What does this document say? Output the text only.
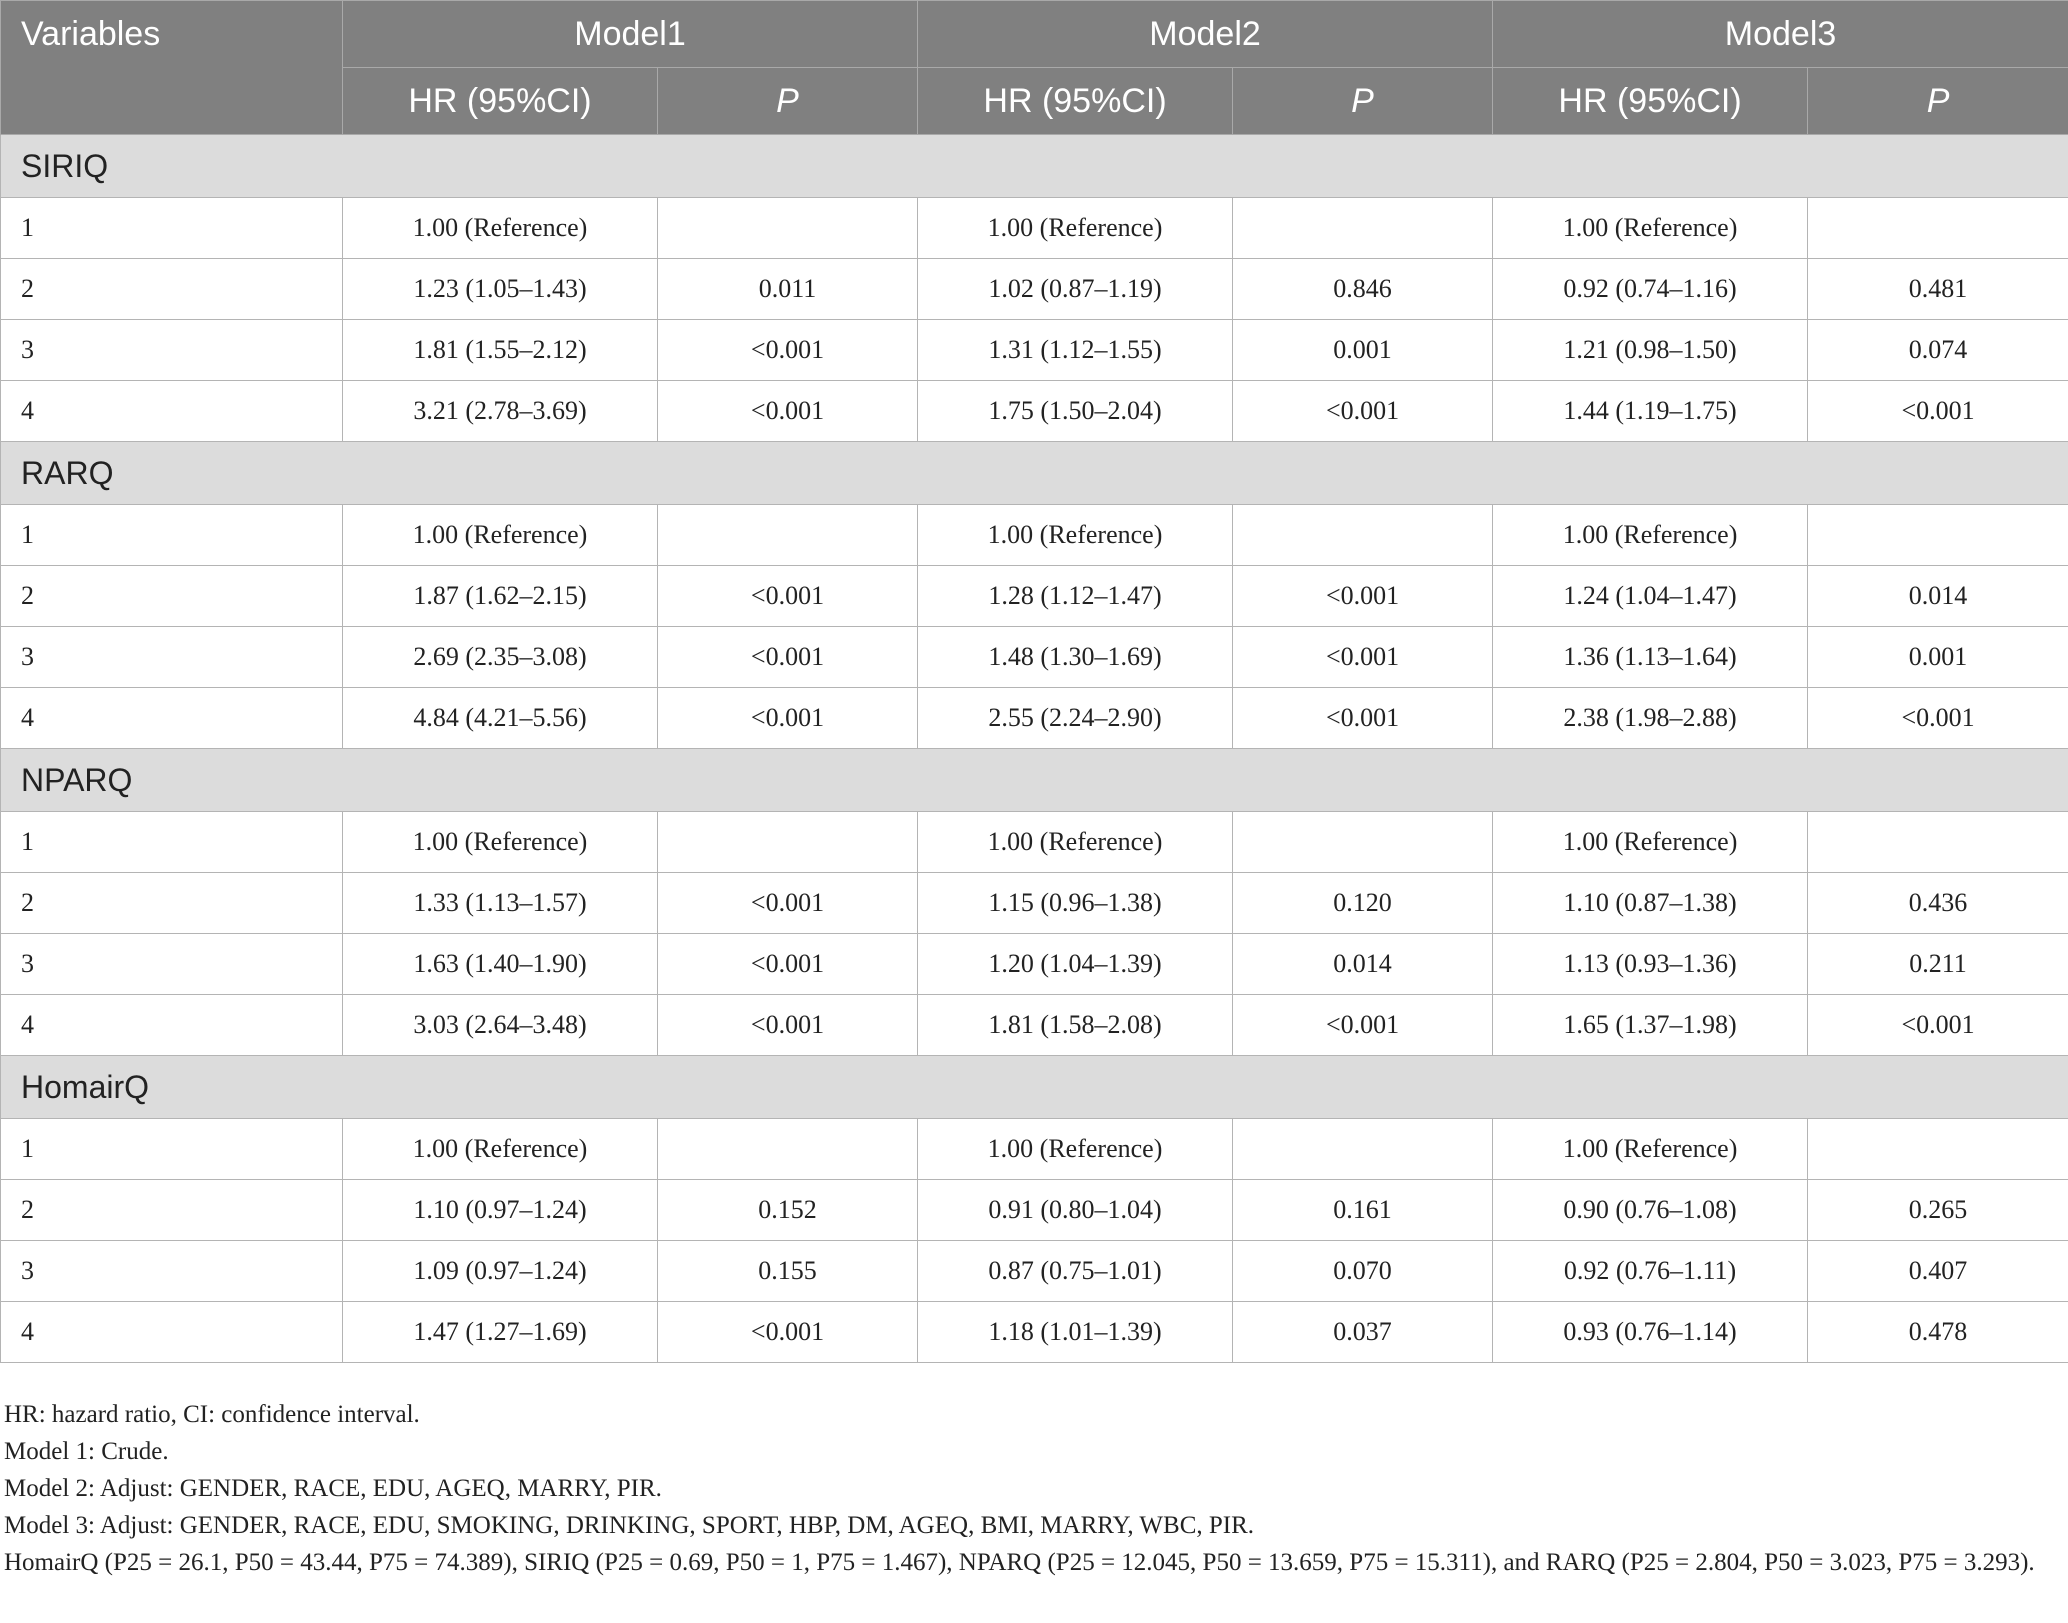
Variables	Model1		Model2		Model3	
	HR (95%CI)	P	HR (95%CI)	P	HR (95%CI)	P
SIRIQ						
1	1.00 (Reference)		1.00 (Reference)		1.00 (Reference)	
2	1.23 (1.05–1.43)	0.011	1.02 (0.87–1.19)	0.846	0.92 (0.74–1.16)	0.481
3	1.81 (1.55–2.12)	<0.001	1.31 (1.12–1.55)	0.001	1.21 (0.98–1.50)	0.074
4	3.21 (2.78–3.69)	<0.001	1.75 (1.50–2.04)	<0.001	1.44 (1.19–1.75)	<0.001
RARQ						
1	1.00 (Reference)		1.00 (Reference)		1.00 (Reference)	
2	1.87 (1.62–2.15)	<0.001	1.28 (1.12–1.47)	<0.001	1.24 (1.04–1.47)	0.014
3	2.69 (2.35–3.08)	<0.001	1.48 (1.30–1.69)	<0.001	1.36 (1.13–1.64)	0.001
4	4.84 (4.21–5.56)	<0.001	2.55 (2.24–2.90)	<0.001	2.38 (1.98–2.88)	<0.001
NPARQ						
1	1.00 (Reference)		1.00 (Reference)		1.00 (Reference)	
2	1.33 (1.13–1.57)	<0.001	1.15 (0.96–1.38)	0.120	1.10 (0.87–1.38)	0.436
3	1.63 (1.40–1.90)	<0.001	1.20 (1.04–1.39)	0.014	1.13 (0.93–1.36)	0.211
4	3.03 (2.64–3.48)	<0.001	1.81 (1.58–2.08)	<0.001	1.65 (1.37–1.98)	<0.001
HomairQ						
1	1.00 (Reference)		1.00 (Reference)		1.00 (Reference)	
2	1.10 (0.97–1.24)	0.152	0.91 (0.80–1.04)	0.161	0.90 (0.76–1.08)	0.265
3	1.09 (0.97–1.24)	0.155	0.87 (0.75–1.01)	0.070	0.92 (0.76–1.11)	0.407
4	1.47 (1.27–1.69)	<0.001	1.18 (1.01–1.39)	0.037	0.93 (0.76–1.14)	0.478

HR: hazard ratio, CI: confidence interval.

Model 1: Crude.

Model 2: Adjust: GENDER, RACE, EDU, AGEQ, MARRY, PIR.

Model 3: Adjust: GENDER, RACE, EDU, SMOKING, DRINKING, SPORT, HBP, DM, AGEQ, BMI, MARRY, WBC, PIR.

HomairQ (P25 = 26.1, P50 = 43.44, P75 = 74.389), SIRIQ (P25 = 0.69, P50 = 1, P75 = 1.467), NPARQ (P25 = 12.045, P50 = 13.659, P75 = 15.311), and RARQ (P25 = 2.804, P50 = 3.023, P75 = 3.293).
